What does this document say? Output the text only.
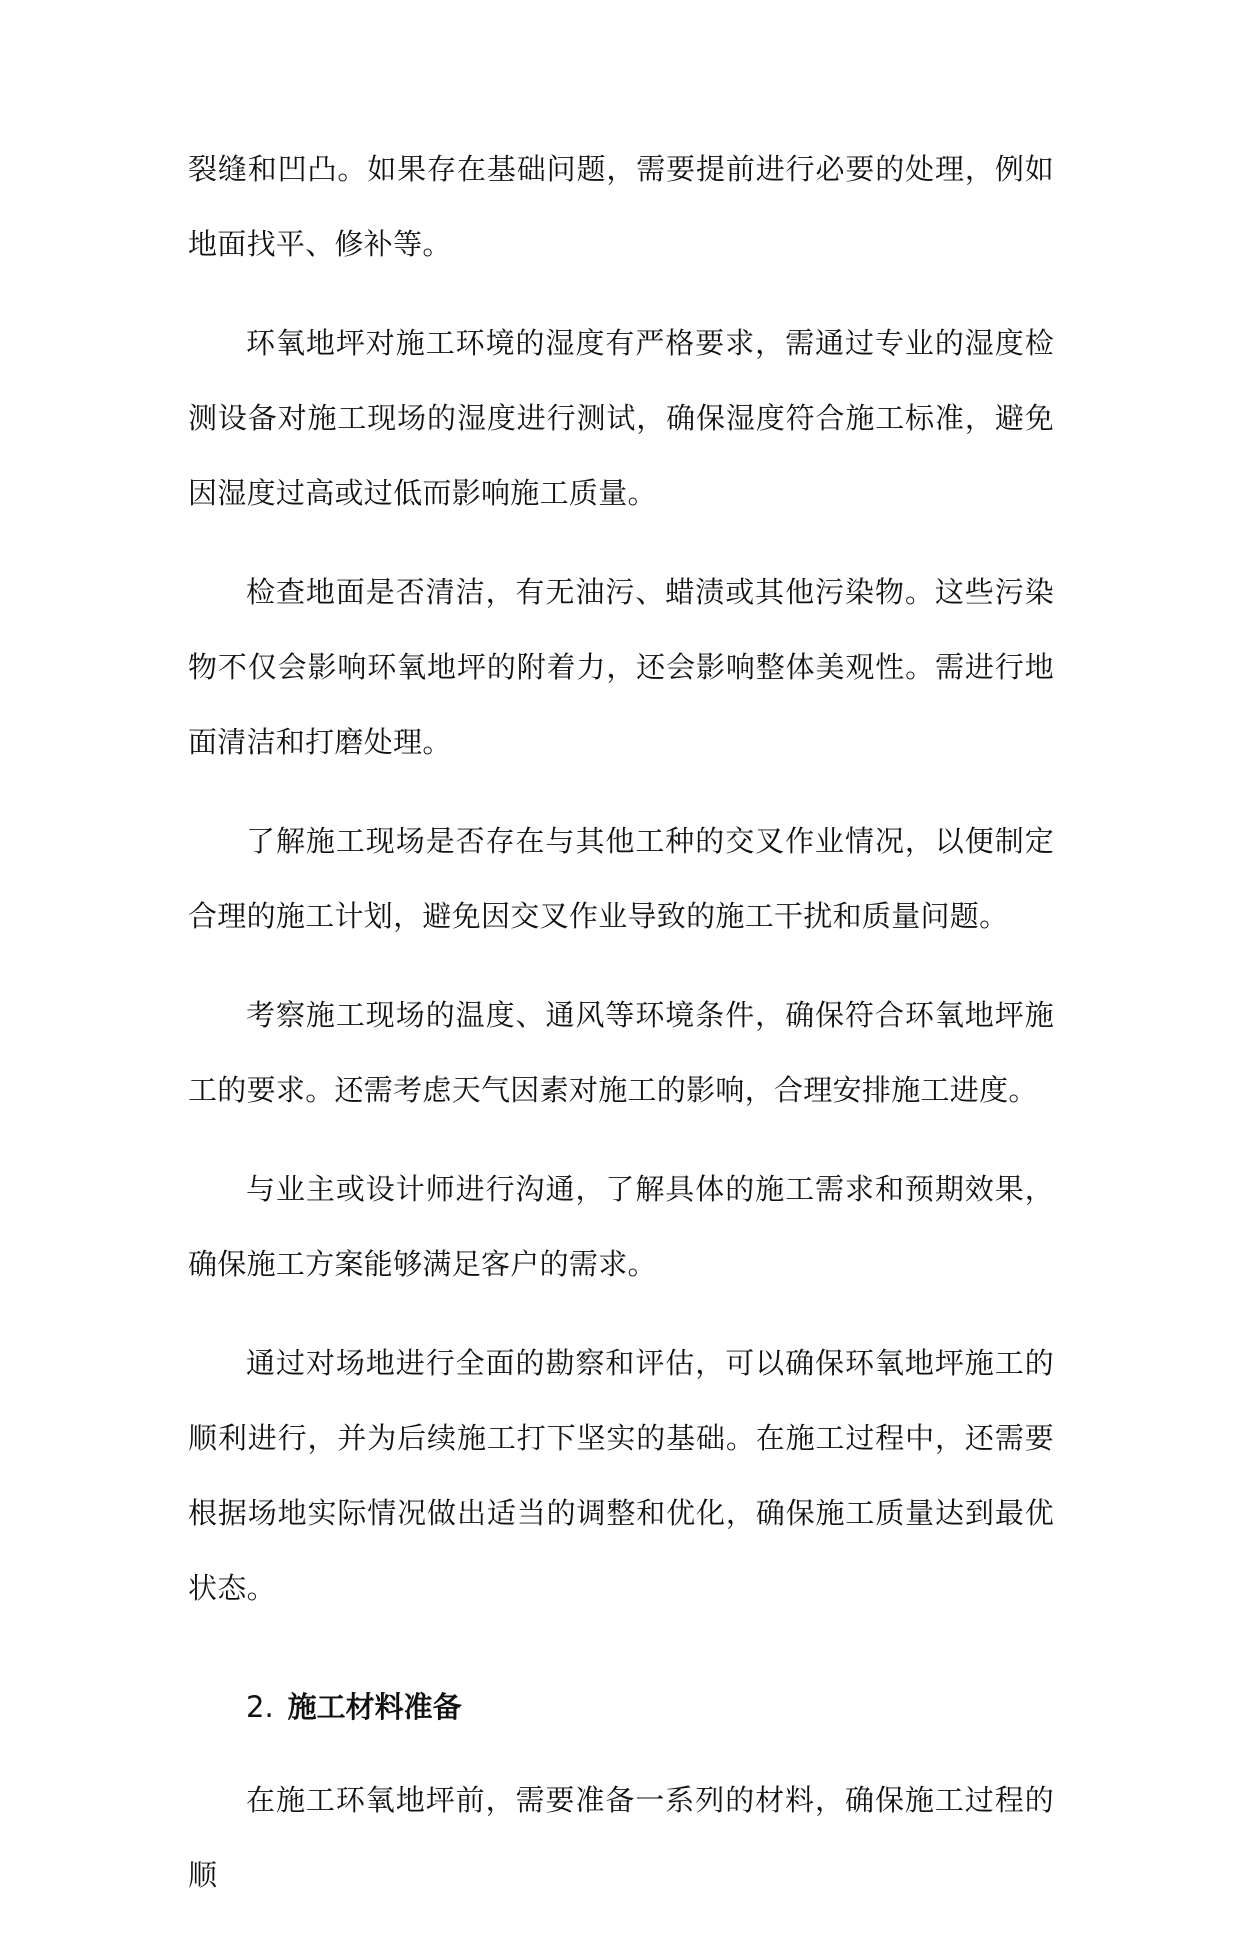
裂缝和凹凸。如果存在基础问题，需要提前进行必要的处理，例如地面找平、修补等。

环氧地坪对施工环境的湿度有严格要求，需通过专业的湿度检测设备对施工现场的湿度进行测试，确保湿度符合施工标准，避免因湿度过高或过低而影响施工质量。

检查地面是否清洁，有无油污、蜡渍或其他污染物。这些污染物不仅会影响环氧地坪的附着力，还会影响整体美观性。需进行地面清洁和打磨处理。

了解施工现场是否存在与其他工种的交叉作业情况，以便制定合理的施工计划，避免因交叉作业导致的施工干扰和质量问题。

考察施工现场的温度、通风等环境条件，确保符合环氧地坪施工的要求。还需考虑天气因素对施工的影响，合理安排施工进度。

与业主或设计师进行沟通，了解具体的施工需求和预期效果，确保施工方案能够满足客户的需求。

通过对场地进行全面的勘察和评估，可以确保环氧地坪施工的顺利进行，并为后续施工打下坚实的基础。在施工过程中，还需要根据场地实际情况做出适当的调整和优化，确保施工质量达到最优状态。

2. 施工材料准备

在施工环氧地坪前，需要准备一系列的材料，确保施工过程的顺
